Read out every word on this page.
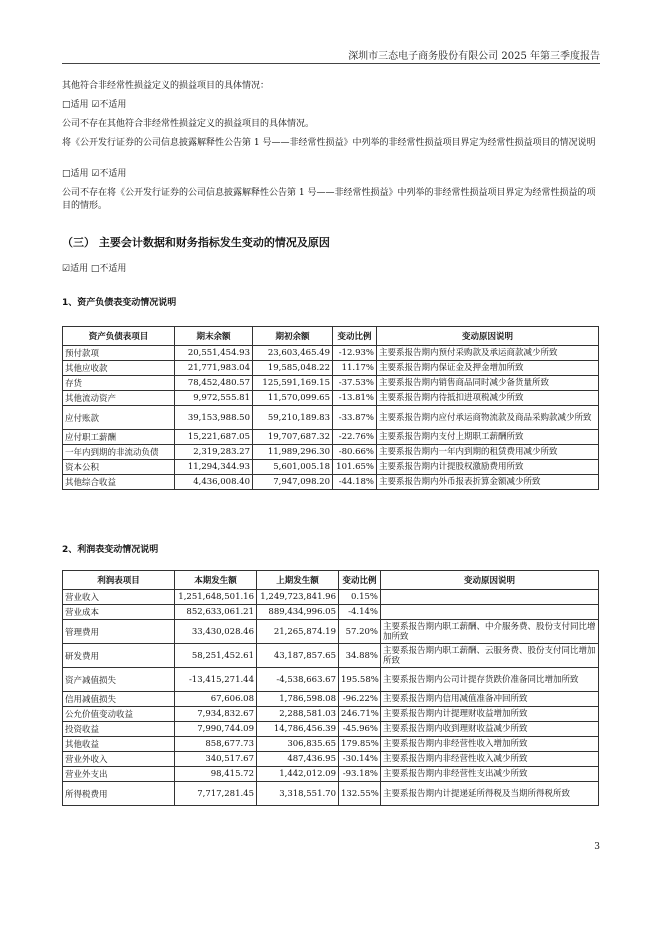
深圳市三态电子商务股份有限公司 2025 年第三季度报告
其他符合非经常性损益定义的损益项目的具体情况：
□适用 ☑不适用
公司不存在其他符合非经常性损益定义的损益项目的具体情况。
将《公开发行证券的公司信息披露解释性公告第 1 号——非经常性损益》中列举的非经常性损益项目界定为经常性损益项目的情况说明
□适用 ☑不适用
公司不存在将《公开发行证券的公司信息披露解释性公告第 1 号——非经常性损益》中列举的非经常性损益项目界定为经常性损益的项目的情形。
（三） 主要会计数据和财务指标发生变动的情况及原因
☑适用 □不适用
1、资产负债表变动情况说明
资产负债表项目	期末余额	期初余额	变动比例	变动原因说明
预付款项	20,551,454.93	23,603,465.49	-12.93%	主要系报告期内预付采购款及承运商款减少所致
其他应收款	21,771,983.04	19,585,048.22	11.17%	主要系报告期内保证金及押金增加所致
存货	78,452,480.57	125,591,169.15	-37.53%	主要系报告期内销售商品同时减少备货量所致
其他流动资产	9,972,555.81	11,570,099.65	-13.81%	主要系报告期内待抵扣进项税减少所致
应付账款	39,153,988.50	59,210,189.83	-33.87%	主要系报告期内应付承运商物流款及商品采购款减少所致
应付职工薪酬	15,221,687.05	19,707,687.32	-22.76%	主要系报告期内支付上期职工薪酬所致
一年内到期的非流动负债	2,319,283.27	11,989,296.30	-80.66%	主要系报告期内一年内到期的租赁费用减少所致
资本公积	11,294,344.93	5,601,005.18	101.65%	主要系报告期内计提股权激励费用所致
其他综合收益	4,436,008.40	7,947,098.20	-44.18%	主要系报告期内外币报表折算金额减少所致
2、利润表变动情况说明
利润表项目	本期发生额	上期发生额	变动比例	变动原因说明
营业收入	1,251,648,501.16	1,249,723,841.96	0.15%	
营业成本	852,633,061.21	889,434,996.05	-4.14%	
管理费用	33,430,028.46	21,265,874.19	57.20%	主要系报告期内职工薪酬、中介服务费、股份支付同比增加所致
研发费用	58,251,452.61	43,187,857.65	34.88%	主要系报告期内职工薪酬、云服务费、股份支付同比增加所致
资产减值损失	-13,415,271.44	-4,538,663.67	195.58%	主要系报告期内公司计提存货跌价准备同比增加所致
信用减值损失	67,606.08	1,786,598.08	-96.22%	主要系报告期内信用减值准备冲回所致
公允价值变动收益	7,934,832.67	2,288,581.03	246.71%	主要系报告期内计提理财收益增加所致
投资收益	7,990,744.09	14,786,456.39	-45.96%	主要系报告期内收到理财收益减少所致
其他收益	858,677.73	306,835.65	179.85%	主要系报告期内非经营性收入增加所致
营业外收入	340,517.67	487,436.95	-30.14%	主要系报告期内非经营性收入减少所致
营业外支出	98,415.72	1,442,012.09	-93.18%	主要系报告期内非经营性支出减少所致
所得税费用	7,717,281.45	3,318,551.70	132.55%	主要系报告期内计提递延所得税及当期所得税所致
3
